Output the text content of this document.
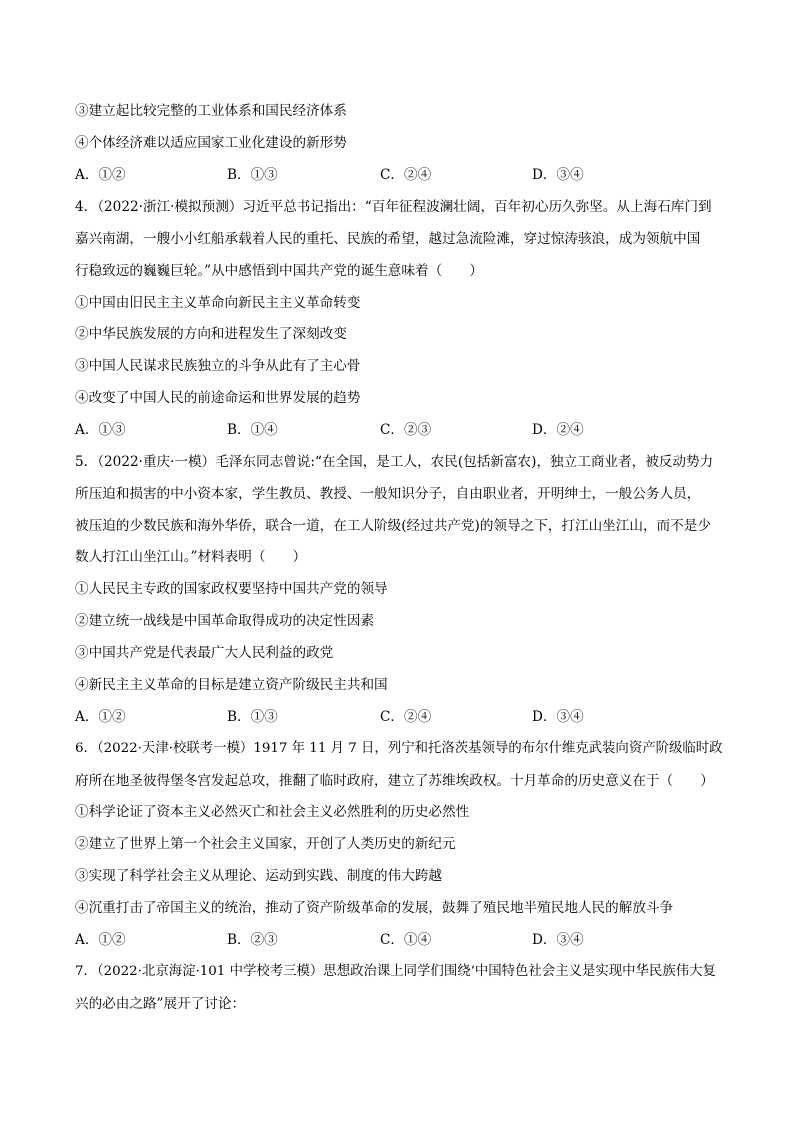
③建立起比较完整的工业体系和国民经济体系
④个体经济难以适应国家工业化建设的新形势
A．①②	B．①③	C．②④	D．③④
4．（2022·浙江·模拟预测）习近平总书记指出：“百年征程波澜壮阔，百年初心历久弥坚。从上海石库门到
嘉兴南湖，一艘小小红船承载着人民的重托、民族的希望，越过急流险滩，穿过惊涛骇浪，成为领航中国
行稳致远的巍巍巨轮。”从中感悟到中国共产党的诞生意味着（　　）
①中国由旧民主主义革命向新民主主义革命转变
②中华民族发展的方向和进程发生了深刻改变
③中国人民谋求民族独立的斗争从此有了主心骨
④改变了中国人民的前途命运和世界发展的趋势
A．①③	B．①④	C．②③	D．②④
5．（2022·重庆·一模）毛泽东同志曾说:“在全国，是工人，农民(包括新富农)，独立工商业者，被反动势力
所压迫和损害的中小资本家，学生教员、教授、一般知识分子，自由职业者，开明绅士，一般公务人员，
被压迫的少数民族和海外华侨，联合一道，在工人阶级(经过共产党)的领导之下，打江山坐江山，而不是少
数人打江山坐江山。”材料表明（　　）
①人民民主专政的国家政权要坚持中国共产党的领导
②建立统一战线是中国革命取得成功的决定性因素
③中国共产党是代表最广大人民利益的政党
④新民主主义革命的目标是建立资产阶级民主共和国
A．①②	B．①③	C．②④	D．③④
6．（2022·天津·校联考一模）1917 年 11 月 7 日，列宁和托洛茨基领导的布尔什维克武装向资产阶级临时政
府所在地圣彼得堡冬宫发起总攻，推翻了临时政府，建立了苏维埃政权。十月革命的历史意义在于（　　）
①科学论证了资本主义必然灭亡和社会主义必然胜利的历史必然性
②建立了世界上第一个社会主义国家，开创了人类历史的新纪元
③实现了科学社会主义从理论、运动到实践、制度的伟大跨越
④沉重打击了帝国主义的统治，推动了资产阶级革命的发展，鼓舞了殖民地半殖民地人民的解放斗争
A．①②	B．②③	C．①④	D．③④
7．（2022·北京海淀·101 中学校考三模）思想政治课上同学们围绕‘中国特色社会主义是实现中华民族伟大复
兴的必由之路”展开了讨论：
